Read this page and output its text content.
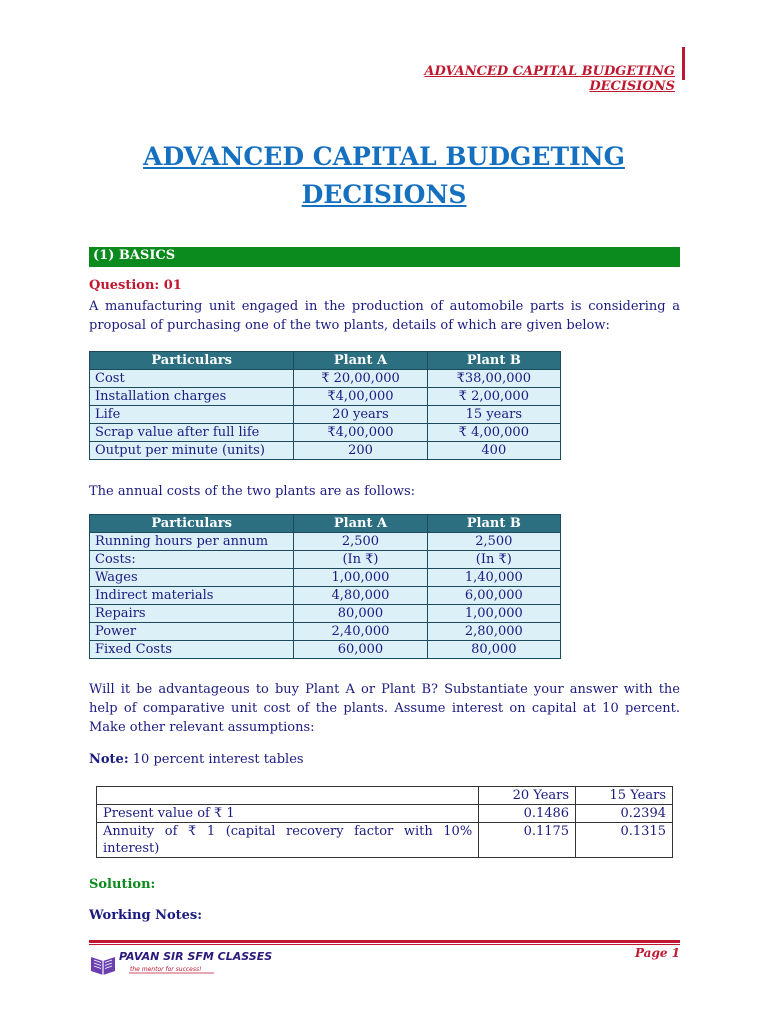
ADVANCED CAPITAL BUDGETING DECISIONS
ADVANCED CAPITAL BUDGETING
DECISIONS
(1) BASICS
Question: 01
A manufacturing unit engaged in the production of automobile parts is considering a proposal of purchasing one of the two plants, details of which are given below:
Particulars	Plant A	Plant B
Cost	₹ 20,00,000	₹38,00,000
Installation charges	₹4,00,000	₹ 2,00,000
Life	20 years	15 years
Scrap value after full life	₹4,00,000	₹ 4,00,000
Output per minute (units)	200	400
The annual costs of the two plants are as follows:
Particulars	Plant A	Plant B
Running hours per annum	2,500	2,500
Costs:	(In ₹)	(In ₹)
Wages	1,00,000	1,40,000
Indirect materials	4,80,000	6,00,000
Repairs	80,000	1,00,000
Power	2,40,000	2,80,000
Fixed Costs	60,000	80,000
Will it be advantageous to buy Plant A or Plant B? Substantiate your answer with the help of comparative unit cost of the plants. Assume interest on capital at 10 percent. Make other relevant assumptions:
Note: 10 percent interest tables
	20 Years	15 Years
Present value of ₹ 1	0.1486	0.2394
Annuity of ₹ 1 (capital recovery factor with 10% interest)	0.1175	0.1315
Solution:
Working Notes:
PAVAN SIR SFM CLASSES
the mentor for success!
Page 1
